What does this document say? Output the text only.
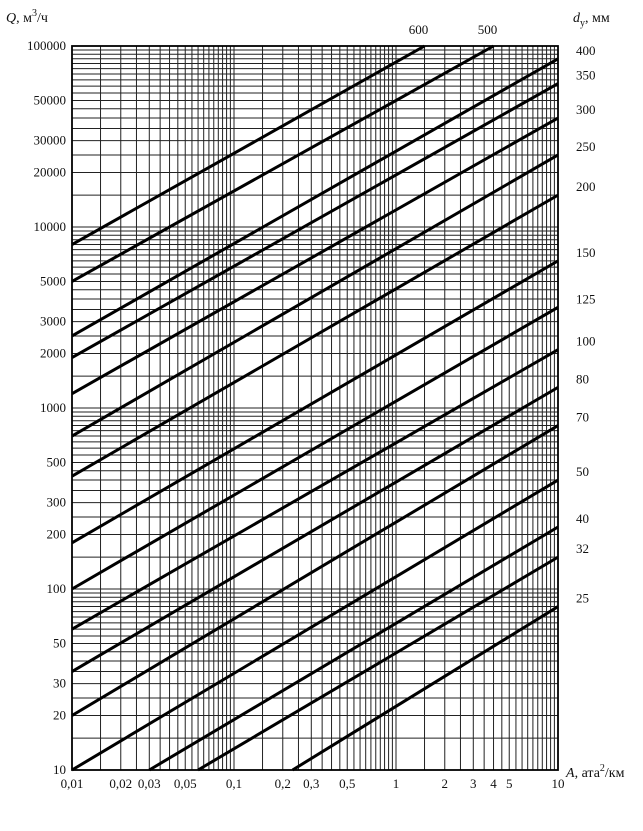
10
20
30
50
100
200
300
500
1000
2000
3000
5000
10000
20000
30000
50000
100000
0,01 0,02 0,03 0,05 0,1	0,2 0,3 0,5	1	2 3 4 5	10
600	500
400
350
300
250
200
150
125
100
80
70
50
40
32
25
Q, $м^3/ч$	$d_у$, мм
A, ата$^2$/км
